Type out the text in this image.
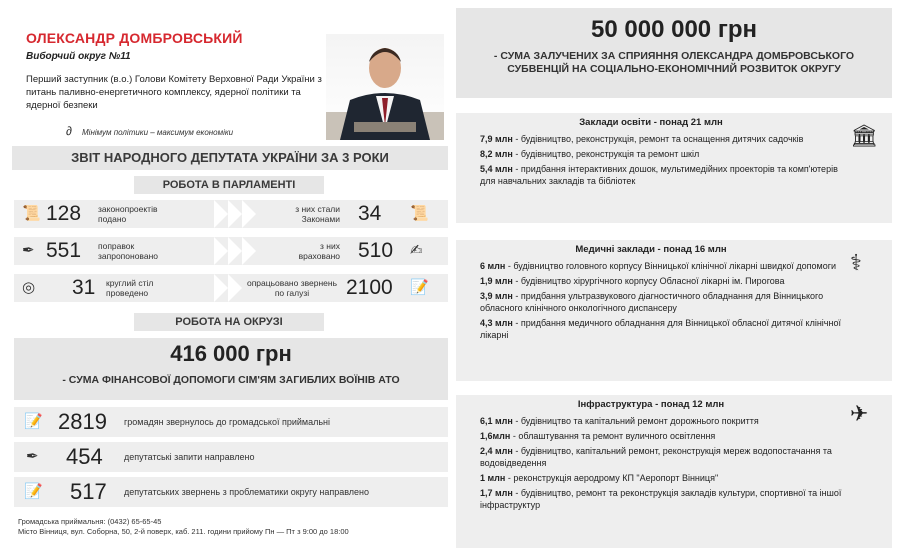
ОЛЕКСАНДР ДОМБРОВСЬКИЙ
Виборчий округ №11
Перший заступник (в.о.) Голови Комітету Верховної Ради України з питань паливно-енергетичного комплексу, ядерної політики та ядерної безпеки
∂ Мінімум політики – максимум економіки
ЗВІТ НАРОДНОГО ДЕПУТАТА УКРАЇНИ ЗА 3 РОКИ
РОБОТА В ПАРЛАМЕНТІ
📜 128 законопроектів подано
з них стали Законами 34 📜
✒ 551 поправок запропоновано
з них враховано 510 ✍
◎ 31 круглий стіл проведено
опрацьовано звернень по галузі	2100 📝
РОБОТА НА ОКРУЗІ
416 000 грн
- СУМА ФІНАНСОВОЇ ДОПОМОГИ СІМ'ЯМ ЗАГИБЛИХ ВОЇНІВ АТО
📝 2819 громадян звернулось до громадської приймальні
✒ 454 депутатські запити направлено
📝 517 депутатських звернень з проблематики округу направлено
Громадська приймальня: (0432) 65-65-45
Місто Вінниця, вул. Соборна, 50, 2-й поверх, каб. 211. години прийому Пн — Пт з 9:00 до 18:00
50 000 000 грн
- СУМА ЗАЛУЧЕНИХ ЗА СПРИЯННЯ ОЛЕКСАНДРА ДОМБРОВСЬКОГО СУБВЕНЦІЙ НА СОЦІАЛЬНО-ЕКОНОМІЧНИЙ РОЗВИТОК ОКРУГУ
Заклади освіти - понад 21 млн
🏛
7,9 млн - будівництво, реконструкція, ремонт та оснащення дитячих садочків
8,2 млн - будівництво, реконструкція та ремонт шкіл
5,4 млн - придбання інтерактивних дошок, мультимедійних проекторів та комп'ютерів для навчальних закладів та бібліотек
Медичні заклади - понад 16 млн
⚕
6 млн - будівництво головного корпусу Вінницької клінічної лікарні швидкої допомоги
1,9 млн - будівництво хірургічного корпусу Обласної лікарні ім. Пирогова
3,9 млн - придбання ультразвукового діагностичного обладнання для Вінницького обласного клінічного онкологічного диспансеру
4,3 млн - придбання медичного обладнання для Вінницької обласної дитячої клінічної лікарні
Інфраструктура - понад 12 млн	✈
6,1 млн - будівництво та капітальний ремонт дорожнього покриття
1,6млн - облаштування та ремонт вуличного освітлення
2,4 млн - будівництво, капітальний ремонт, реконструкція мереж водопостачання та водовідведення
1 млн - реконструкція аеродрому КП "Аеропорт Вінниця"
1,7 млн - будівництво, ремонт та реконструкція закладів культури, спортивної та іншої інфраструктур
